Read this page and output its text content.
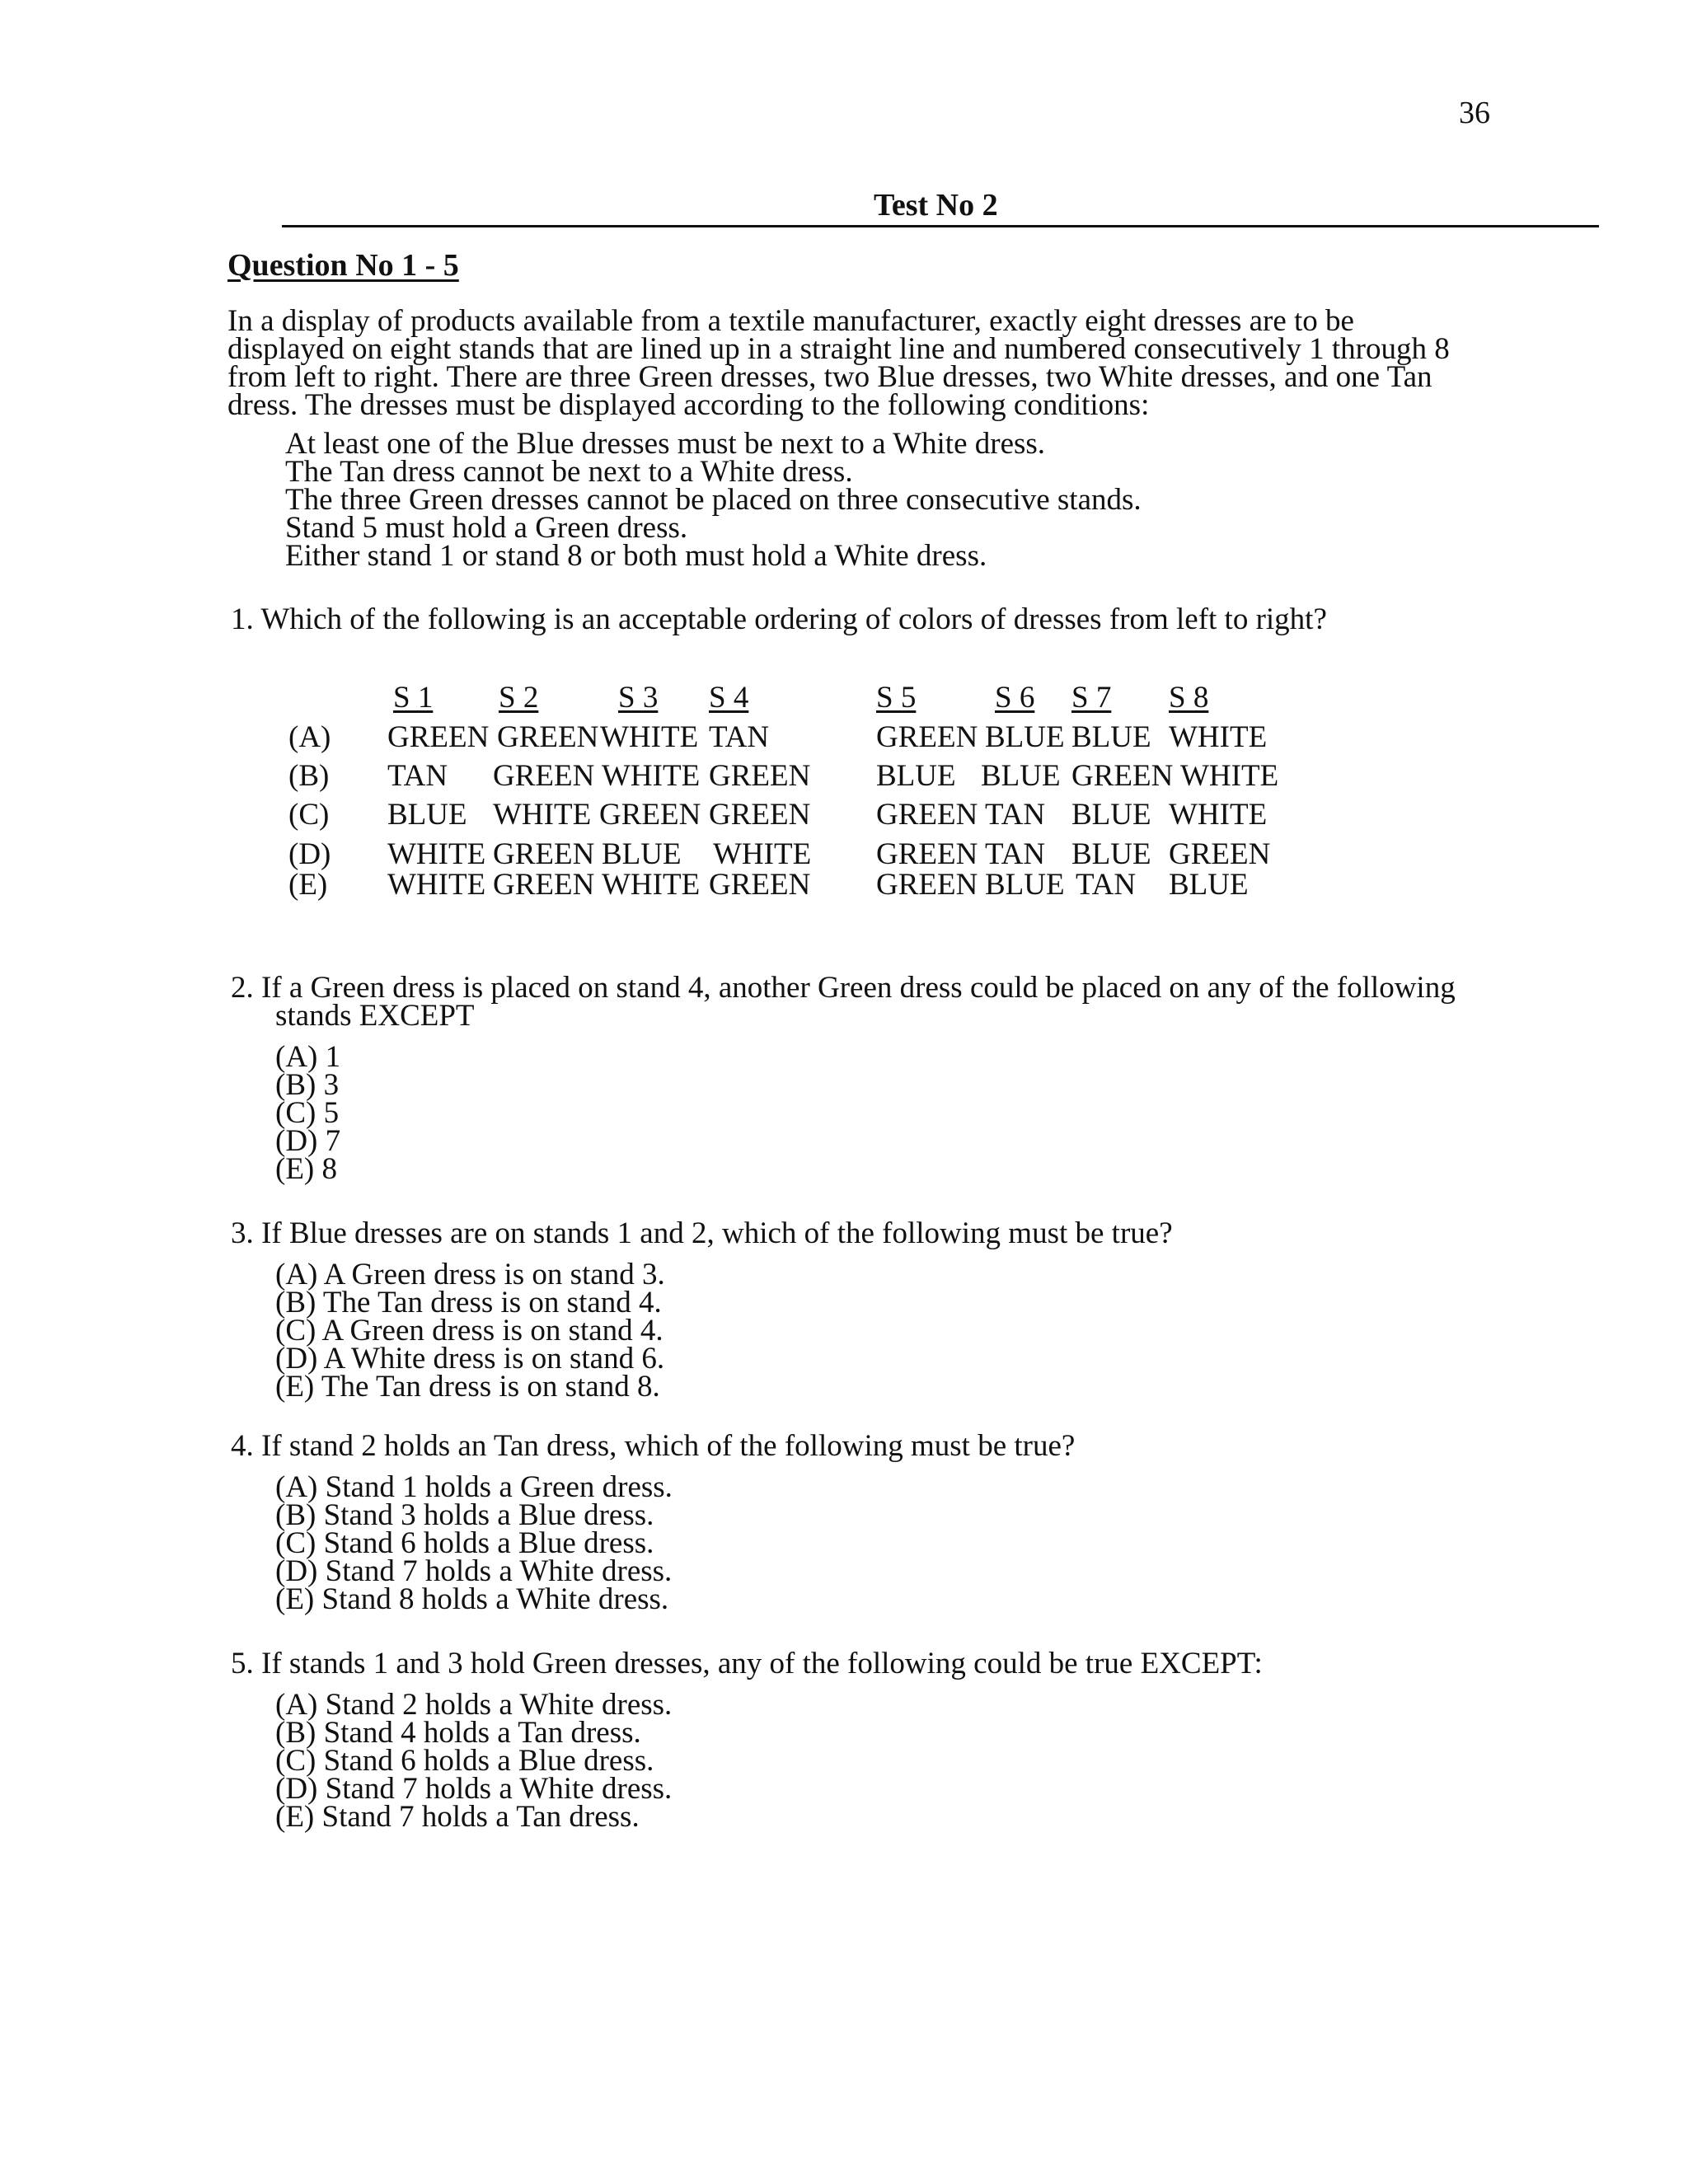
36
Test No 2
Question No 1 - 5
In a display of products available from a textile manufacturer, exactly eight dresses are to be
displayed on eight stands that are lined up in a straight line and numbered consecutively 1 through 8
from left to right. There are three Green dresses, two Blue dresses, two White dresses, and one Tan
dress. The dresses must be displayed according to the following conditions:
At least one of the Blue dresses must be next to a White dress.
The Tan dress cannot be next to a White dress.
The three Green dresses cannot be placed on three consecutive stands.
Stand 5 must hold a Green dress.
Either stand 1 or stand 8 or both must hold a White dress.
1. Which of the following is an acceptable ordering of colors of dresses from left to right?
S 1 S 2	S 3 S 4	S 5	S 6 S 7 S 8
(A) GREEN GREEN WHITE TAN	GREEN BLUE BLUE WHITE
(B) TAN GREEN WHITE GREEN BLUE BLUE GREEN WHITE
(C) BLUE WHITE GREEN GREEN GREEN TAN BLUE WHITE
(D) WHITE GREEN BLUE WHITE GREEN TAN BLUE GREEN
(E) WHITE GREEN WHITE GREEN GREEN BLUE TAN BLUE
2. If a Green dress is placed on stand 4, another Green dress could be placed on any of the following
stands EXCEPT
(A) 1
(B) 3
(C) 5
(D) 7
(E) 8
3. If Blue dresses are on stands 1 and 2, which of the following must be true?
(A) A Green dress is on stand 3.
(B) The Tan dress is on stand 4.
(C) A Green dress is on stand 4.
(D) A White dress is on stand 6.
(E) The Tan dress is on stand 8.
4. If stand 2 holds an Tan dress, which of the following must be true?
(A) Stand 1 holds a Green dress.
(B) Stand 3 holds a Blue dress.
(C) Stand 6 holds a Blue dress.
(D) Stand 7 holds a White dress.
(E) Stand 8 holds a White dress.
5. If stands 1 and 3 hold Green dresses, any of the following could be true EXCEPT:
(A) Stand 2 holds a White dress.
(B) Stand 4 holds a Tan dress.
(C) Stand 6 holds a Blue dress.
(D) Stand 7 holds a White dress.
(E) Stand 7 holds a Tan dress.
